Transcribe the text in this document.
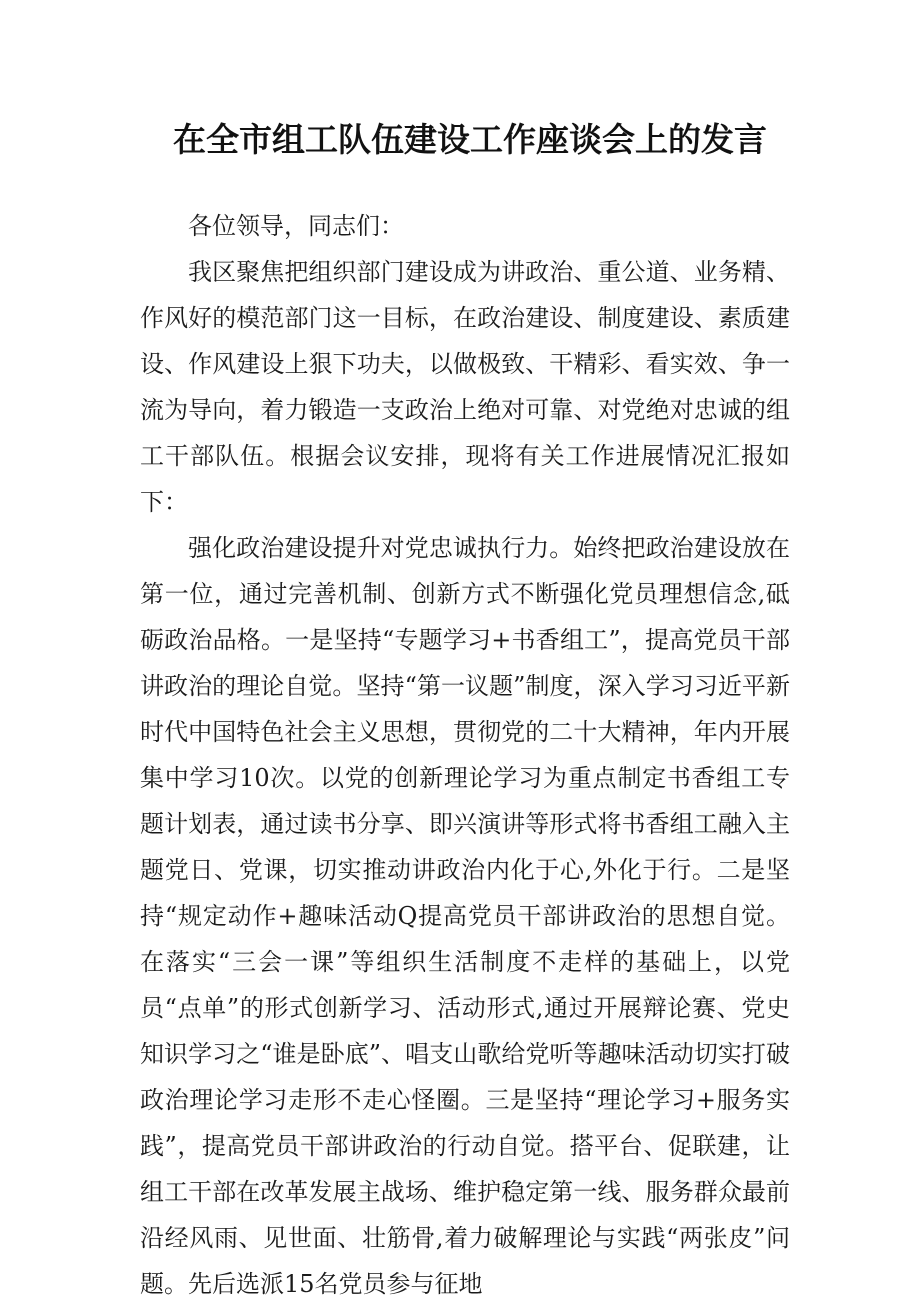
在全市组工队伍建设工作座谈会上的发言

各位领导，同志们：

我区聚焦把组织部门建设成为讲政治、重公道、业务精、作风好的模范部门这一目标，在政治建设、制度建设、素质建设、作风建设上狠下功夫，以做极致、干精彩、看实效、争一流为导向，着力锻造一支政治上绝对可靠、对党绝对忠诚的组工干部队伍。根据会议安排，现将有关工作进展情况汇报如下：

强化政治建设提升对党忠诚执行力。始终把政治建设放在第一位，通过完善机制、创新方式不断强化党员理想信念,砥砺政治品格。一是坚持“专题学习+书香组工”，提高党员干部讲政治的理论自觉。坚持“第一议题”制度，深入学习习近平新时代中国特色社会主义思想，贯彻党的二十大精神，年内开展集中学习10次。以党的创新理论学习为重点制定书香组工专题计划表，通过读书分享、即兴演讲等形式将书香组工融入主题党日、党课，切实推动讲政治内化于心,外化于行。二是坚持“规定动作+趣味活动Q提高党员干部讲政治的思想自觉。在落实“三会一课”等组织生活制度不走样的基础上，以党员“点单”的形式创新学习、活动形式,通过开展辩论赛、党史知识学习之“谁是卧底”、唱支山歌给党听等趣味活动切实打破政治理论学习走形不走心怪圈。三是坚持“理论学习+服务实践”，提高党员干部讲政治的行动自觉。搭平台、促联建，让组工干部在改革发展主战场、维护稳定第一线、服务群众最前沿经风雨、见世面、壮筋骨,着力破解理论与实践“两张皮”问题。先后选派15名党员参与征地
